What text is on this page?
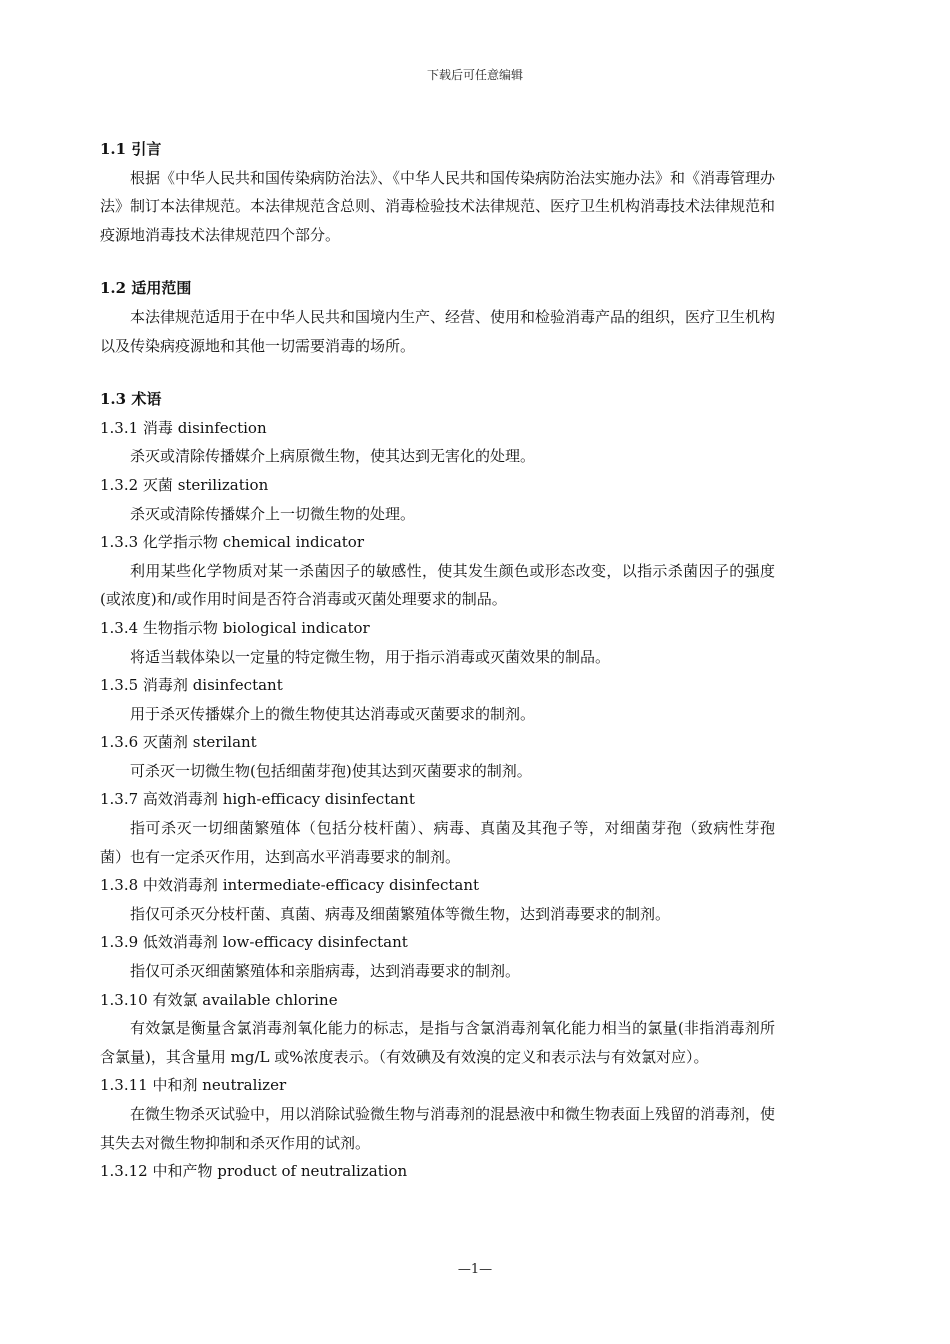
下载后可任意编辑
1.1 引言

根据《中华人民共和国传染病防治法》、《中华人民共和国传染病防治法实施办法》和《消毒管理办法》制订本法律规范。本法律规范含总则、消毒检验技术法律规范、医疗卫生机构消毒技术法律规范和疫源地消毒技术法律规范四个部分。

1.2 适用范围

本法律规范适用于在中华人民共和国境内生产、经营、使用和检验消毒产品的组织，医疗卫生机构以及传染病疫源地和其他一切需要消毒的场所。

1.3 术语
1.3.1 消毒 disinfection

杀灭或清除传播媒介上病原微生物，使其达到无害化的处理。

1.3.2 灭菌 sterilization

杀灭或清除传播媒介上一切微生物的处理。

1.3.3 化学指示物 chemical indicator

利用某些化学物质对某一杀菌因子的敏感性，使其发生颜色或形态改变，以指示杀菌因子的强度(或浓度)和/或作用时间是否符合消毒或灭菌处理要求的制品。

1.3.4 生物指示物 biological indicator

将适当载体染以一定量的特定微生物，用于指示消毒或灭菌效果的制品。

1.3.5 消毒剂 disinfectant

用于杀灭传播媒介上的微生物使其达消毒或灭菌要求的制剂。

1.3.6 灭菌剂 sterilant

可杀灭一切微生物(包括细菌芽孢)使其达到灭菌要求的制剂。

1.3.7 高效消毒剂 high-efficacy disinfectant

指可杀灭一切细菌繁殖体（包括分枝杆菌）、病毒、真菌及其孢子等，对细菌芽孢（致病性芽孢菌）也有一定杀灭作用，达到高水平消毒要求的制剂。

1.3.8 中效消毒剂 intermediate-efficacy disinfectant

指仅可杀灭分枝杆菌、真菌、病毒及细菌繁殖体等微生物，达到消毒要求的制剂。

1.3.9 低效消毒剂 low-efficacy disinfectant

指仅可杀灭细菌繁殖体和亲脂病毒，达到消毒要求的制剂。

1.3.10 有效氯 available chlorine

有效氯是衡量含氯消毒剂氧化能力的标志，是指与含氯消毒剂氧化能力相当的氯量(非指消毒剂所含氯量)，其含量用 mg/L 或%浓度表示。（有效碘及有效溴的定义和表示法与有效氯对应）。

1.3.11 中和剂 neutralizer

在微生物杀灭试验中，用以消除试验微生物与消毒剂的混悬液中和微生物表面上残留的消毒剂，使其失去对微生物抑制和杀灭作用的试剂。

1.3.12 中和产物 product of neutralization
—1—
